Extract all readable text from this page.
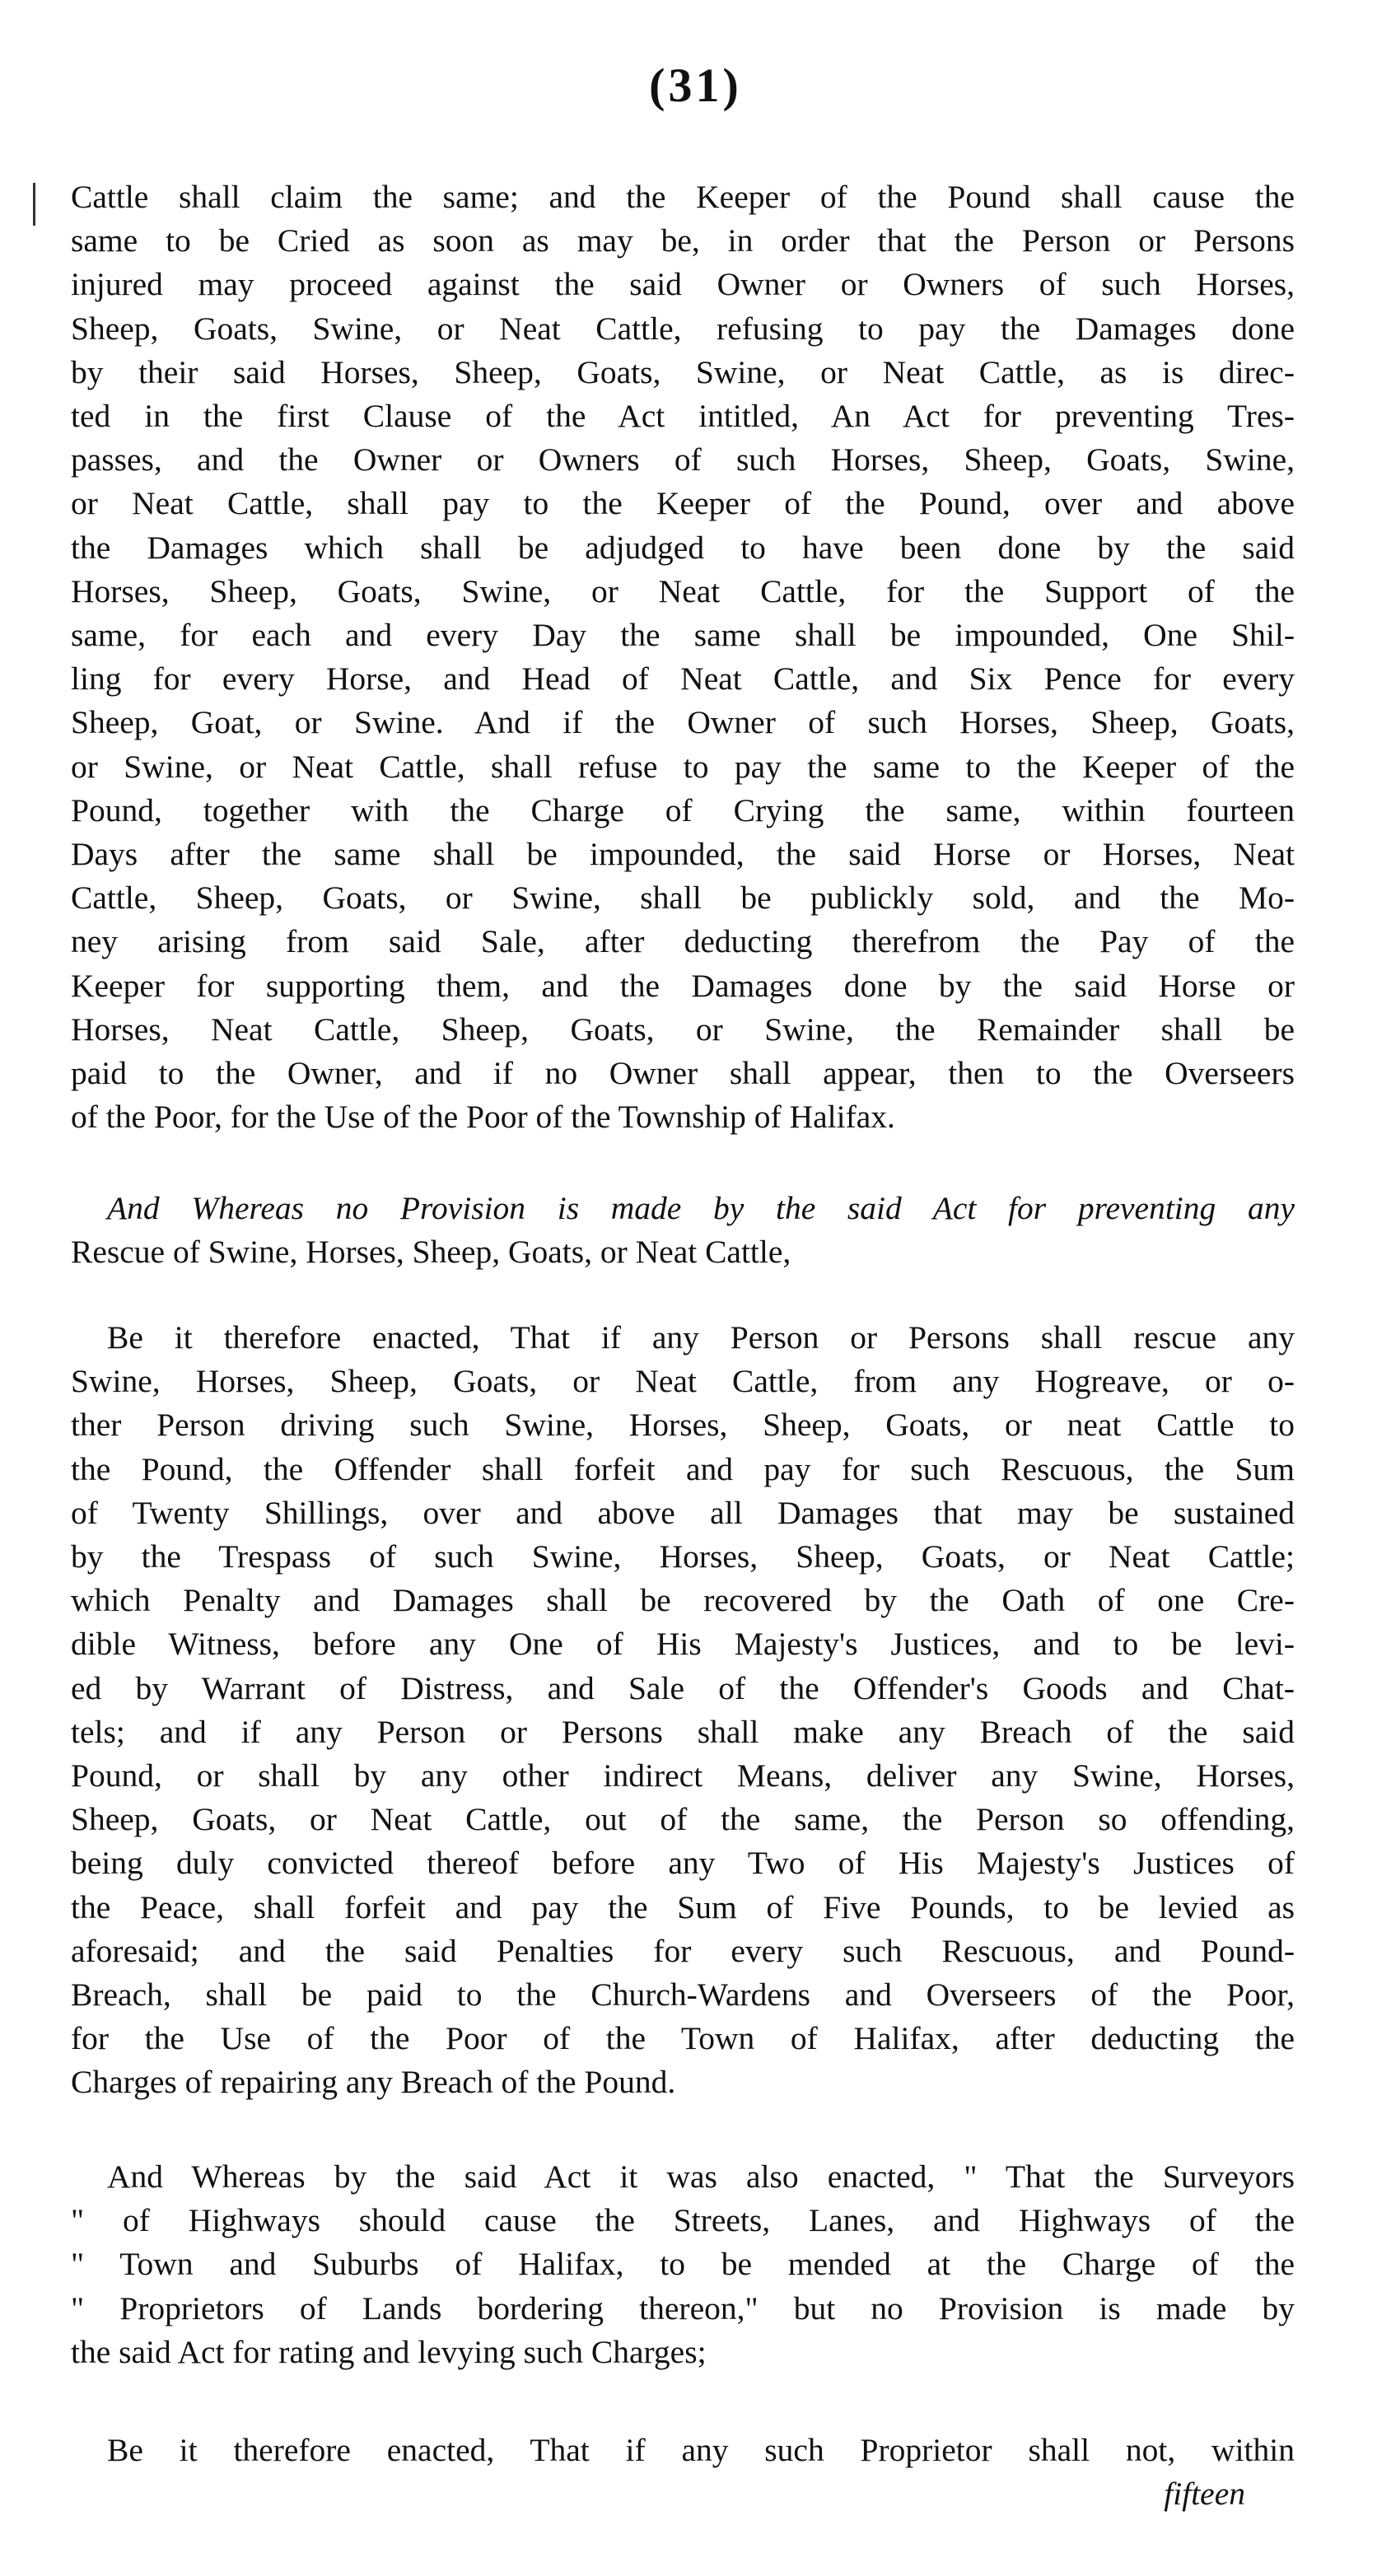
(31)
Cattle shall claim the same; and the Keeper of the Pound shall cause the
same to be Cried as soon as may be, in order that the Person or Persons
injured may proceed against the said Owner or Owners of such Horses,
Sheep, Goats, Swine, or Neat Cattle, refusing to pay the Damages done
by their said Horses, Sheep, Goats, Swine, or Neat Cattle, as is direc-
ted in the first Clause of the Act intitled, An Act for preventing Tres-
passes, and the Owner or Owners of such Horses, Sheep, Goats, Swine,
or Neat Cattle, shall pay to the Keeper of the Pound, over and above
the Damages which shall be adjudged to have been done by the said
Horses, Sheep, Goats, Swine, or Neat Cattle, for the Support of the
same, for each and every Day the same shall be impounded, One Shil-
ling for every Horse, and Head of Neat Cattle, and Six Pence for every
Sheep, Goat, or Swine. And if the Owner of such Horses, Sheep, Goats,
or Swine, or Neat Cattle, shall refuse to pay the same to the Keeper of the
Pound, together with the Charge of Crying the same, within fourteen
Days after the same shall be impounded, the said Horse or Horses, Neat
Cattle, Sheep, Goats, or Swine, shall be publickly sold, and the Mo-
ney arising from said Sale, after deducting therefrom the Pay of the
Keeper for supporting them, and the Damages done by the said Horse or
Horses, Neat Cattle, Sheep, Goats, or Swine, the Remainder shall be
paid to the Owner, and if no Owner shall appear, then to the Overseers
of the Poor, for the Use of the Poor of the Township of Halifax.
And Whereas no Provision is made by the said Act for preventing any
Rescue of Swine, Horses, Sheep, Goats, or Neat Cattle,
Be it therefore enacted, That if any Person or Persons shall rescue any
Swine, Horses, Sheep, Goats, or Neat Cattle, from any Hogreave, or o-
ther Person driving such Swine, Horses, Sheep, Goats, or neat Cattle to
the Pound, the Offender shall forfeit and pay for such Rescuous, the Sum
of Twenty Shillings, over and above all Damages that may be sustained
by the Trespass of such Swine, Horses, Sheep, Goats, or Neat Cattle;
which Penalty and Damages shall be recovered by the Oath of one Cre-
dible Witness, before any One of His Majesty's Justices, and to be levi-
ed by Warrant of Distress, and Sale of the Offender's Goods and Chat-
tels; and if any Person or Persons shall make any Breach of the said
Pound, or shall by any other indirect Means, deliver any Swine, Horses,
Sheep, Goats, or Neat Cattle, out of the same, the Person so offending,
being duly convicted thereof before any Two of His Majesty's Justices of
the Peace, shall forfeit and pay the Sum of Five Pounds, to be levied as
aforesaid; and the said Penalties for every such Rescuous, and Pound-
Breach, shall be paid to the Church-Wardens and Overseers of the Poor,
for the Use of the Poor of the Town of Halifax, after deducting the
Charges of repairing any Breach of the Pound.
And Whereas by the said Act it was also enacted, " That the Surveyors
" of Highways should cause the Streets, Lanes, and Highways of the
" Town and Suburbs of Halifax, to be mended at the Charge of the
" Proprietors of Lands bordering thereon," but no Provision is made by
the said Act for rating and levying such Charges;
Be it therefore enacted, That if any such Proprietor shall not, within
fifteen
